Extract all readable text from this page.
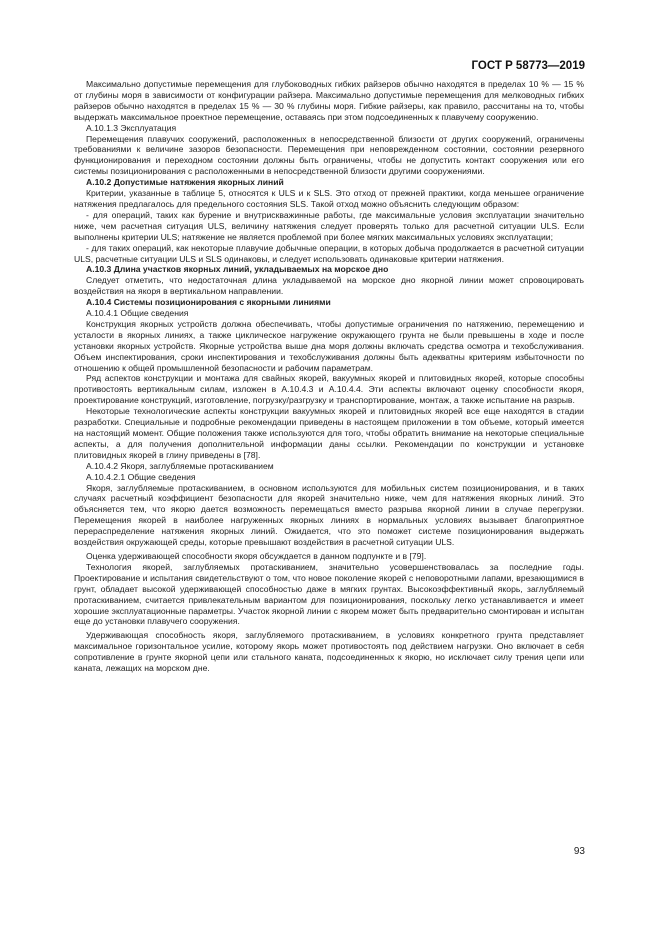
ГОСТ Р 58773—2019

Максимально допустимые перемещения для глубоководных гибких райзеров обычно находятся в пределах 10 % — 15 % от глубины моря в зависимости от конфигурации райзера. Максимально допустимые перемещения для мелководных гибких райзеров обычно находятся в пределах 15 % — 30 % глубины моря. Гибкие райзеры, как правило, рассчитаны на то, чтобы выдержать максимальное проектное перемещение, оставаясь при этом подсоединенных к плавучему сооружению.

А.10.1.3 Эксплуатация

Перемещения плавучих сооружений, расположенных в непосредственной близости от других сооружений, ограничены требованиями к величине зазоров безопасности. Перемещения при неповрежденном состоянии, состоянии резервного функционирования и переходном состоянии должны быть ограничены, чтобы не допустить контакт сооружения или его системы позиционирования с расположенными в непосредственной близости другими сооружениями.

А.10.2 Допустимые натяжения якорных линий

Критерии, указанные в таблице 5, относятся к ULS и к SLS. Это отход от прежней практики, когда меньшее ограничение натяжения предлагалось для предельного состояния SLS. Такой отход можно объяснить следующим образом:

- для операций, таких как бурение и внутрискважинные работы, где максимальные условия эксплуатации значительно ниже, чем расчетная ситуация ULS, величину натяжения следует проверять только для расчетной ситуации ULS. Если выполнены критерии ULS; натяжение не является проблемой при более мягких максимальных условиях эксплуатации;

- для таких операций, как некоторые плавучие добычные операции, в которых добыча продолжается в расчетной ситуации ULS, расчетные ситуации ULS и SLS одинаковы, и следует использовать одинаковые критерии натяжения.

А.10.3 Длина участков якорных линий, укладываемых на морское дно

Следует отметить, что недостаточная длина укладываемой на морское дно якорной линии может спровоцировать воздействия на якоря в вертикальном направлении.

А.10.4 Системы позиционирования с якорными линиями

А.10.4.1 Общие сведения

Конструкция якорных устройств должна обеспечивать, чтобы допустимые ограничения по натяжению, перемещению и усталости в якорных линиях, а также циклическое нагружение окружающего грунта не были превышены в ходе и после установки якорных устройств. Якорные устройства выше дна моря должны включать средства осмотра и техобслуживания. Объем инспектирования, сроки инспектирования и техобслуживания должны быть адекватны критериям избыточности по отношению к общей промышленной безопасности и рабочим параметрам.

Ряд аспектов конструкции и монтажа для свайных якорей, вакуумных якорей и плитовидных якорей, которые способны противостоять вертикальным силам, изложен в А.10.4.3 и А.10.4.4. Эти аспекты включают оценку способности якоря, проектирование конструкций, изготовление, погрузку/разгрузку и транспортирование, монтаж, а также испытание на разрыв.

Некоторые технологические аспекты конструкции вакуумных якорей и плитовидных якорей все еще находятся в стадии разработки. Специальные и подробные рекомендации приведены в настоящем приложении в том объеме, который имеется на настоящий момент. Общие положения также используются для того, чтобы обратить внимание на некоторые специальные аспекты, а для получения дополнительной информации даны ссылки. Рекомендации по конструкции и установке плитовидных якорей в глину приведены в [78].

А.10.4.2 Якоря, заглубляемые протаскиванием

А.10.4.2.1 Общие сведения

Якоря, заглубляемые протаскиванием, в основном используются для мобильных систем позиционирования, и в таких случаях расчетный коэффициент безопасности для якорей значительно ниже, чем для натяжения якорных линий. Это объясняется тем, что якорю дается возможность перемещаться вместо разрыва якорной линии в случае перегрузки. Перемещения якорей в наиболее нагруженных якорных линиях в нормальных условиях вызывает благоприятное перераспределение натяжения якорных линий. Ожидается, что это поможет системе позиционирования выдержать воздействия окружающей среды, которые превышают воздействия в расчетной ситуации ULS.

Оценка удерживающей способности якоря обсуждается в данном подпункте и в [79].

Технология якорей, заглубляемых протаскиванием, значительно усовершенствовалась за последние годы. Проектирование и испытания свидетельствуют о том, что новое поколение якорей с неповоротными лапами, врезающимися в грунт, обладает высокой удерживающей способностью даже в мягких грунтах. Высокоэффективный якорь, заглубляемый протаскиванием, считается привлекательным вариантом для позиционирования, поскольку легко устанавливается и имеет хорошие эксплуатационные параметры. Участок якорной линии с якорем может быть предварительно смонтирован и испытан еще до установки плавучего сооружения.

Удерживающая способность якоря, заглубляемого протаскиванием, в условиях конкретного грунта представляет максимальное горизонтальное усилие, которому якорь может противостоять под действием нагрузки. Оно включает в себя сопротивление в грунте якорной цепи или стального каната, подсоединенных к якорю, но исключает силу трения цепи или каната, лежащих на морском дне.

93
